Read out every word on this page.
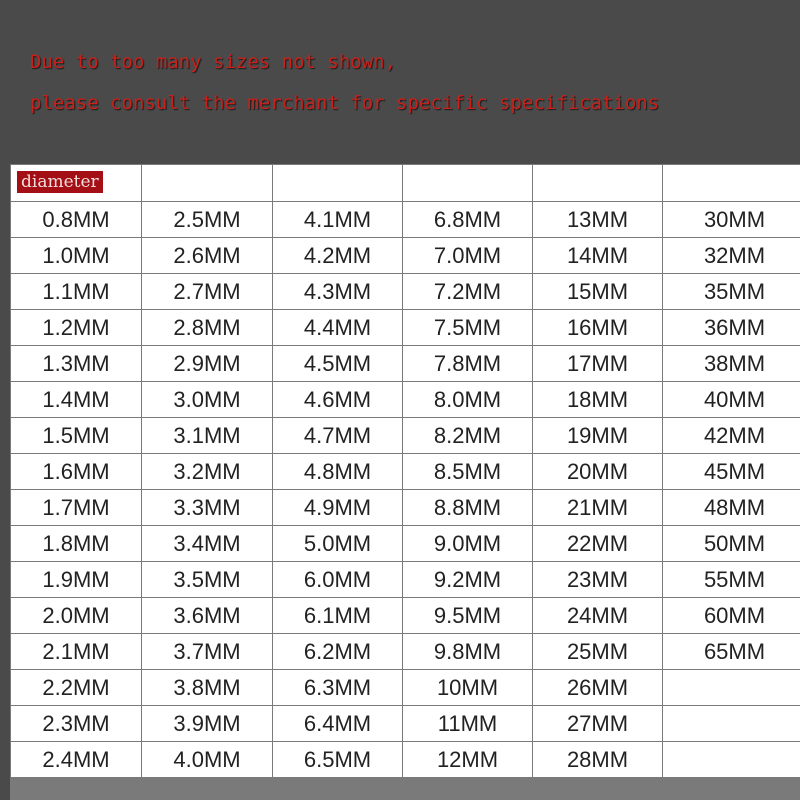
Due to too many sizes not shown,
please consult the merchant for specific specifications
diameter
0.8MM	2.5MM	4.1MM	6.8MM	13MM	30MM
1.0MM	2.6MM	4.2MM	7.0MM	14MM	32MM
1.1MM	2.7MM	4.3MM	7.2MM	15MM	35MM
1.2MM	2.8MM	4.4MM	7.5MM	16MM	36MM
1.3MM	2.9MM	4.5MM	7.8MM	17MM	38MM
1.4MM	3.0MM	4.6MM	8.0MM	18MM	40MM
1.5MM	3.1MM	4.7MM	8.2MM	19MM	42MM
1.6MM	3.2MM	4.8MM	8.5MM	20MM	45MM
1.7MM	3.3MM	4.9MM	8.8MM	21MM	48MM
1.8MM	3.4MM	5.0MM	9.0MM	22MM	50MM
1.9MM	3.5MM	6.0MM	9.2MM	23MM	55MM
2.0MM	3.6MM	6.1MM	9.5MM	24MM	60MM
2.1MM	3.7MM	6.2MM	9.8MM	25MM	65MM
2.2MM	3.8MM	6.3MM	10MM	26MM
2.3MM	3.9MM	6.4MM	11MM	27MM
2.4MM	4.0MM	6.5MM	12MM	28MM
